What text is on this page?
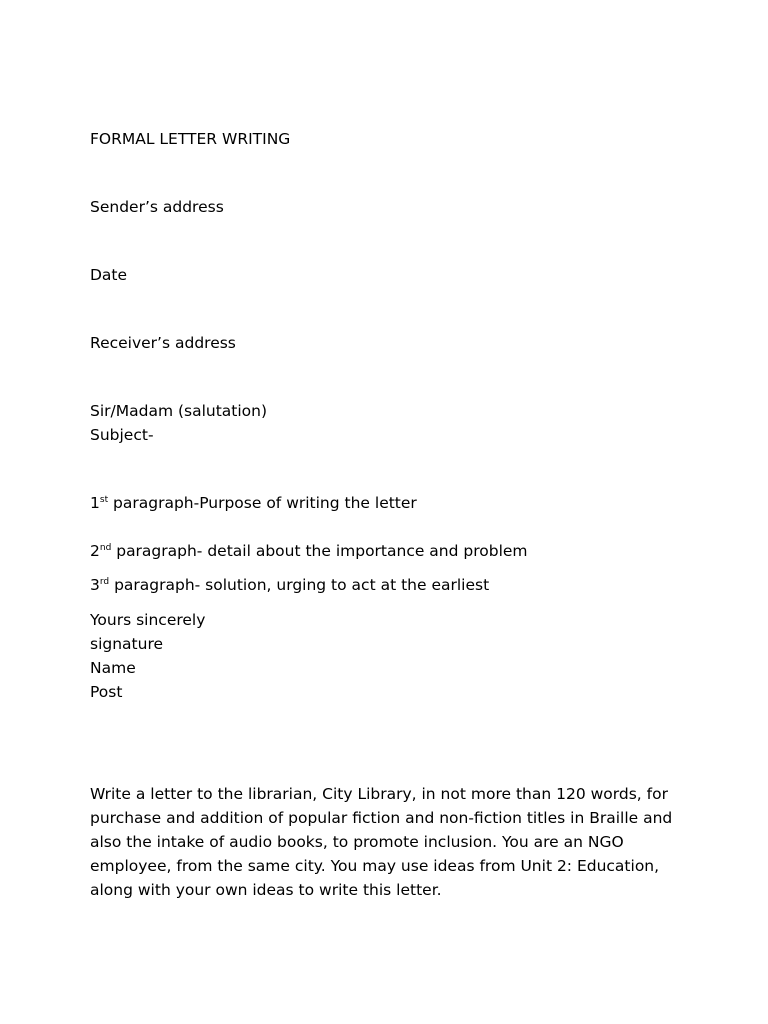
FORMAL LETTER WRITING
Sender’s address
Date
Receiver’s address
Sir/Madam (salutation)
Subject-
1st paragraph-Purpose of writing the letter
2nd paragraph- detail about the importance and problem
3rd paragraph- solution, urging to act at the earliest
Yours sincerely
signature
Name
Post
Write a letter to the librarian, City Library, in not more than 120 words, for purchase and addition of popular fiction and non-fiction titles in Braille and also the intake of audio books, to promote inclusion. You are an NGO employee, from the same city. You may use ideas from Unit 2: Education, along with your own ideas to write this letter.
